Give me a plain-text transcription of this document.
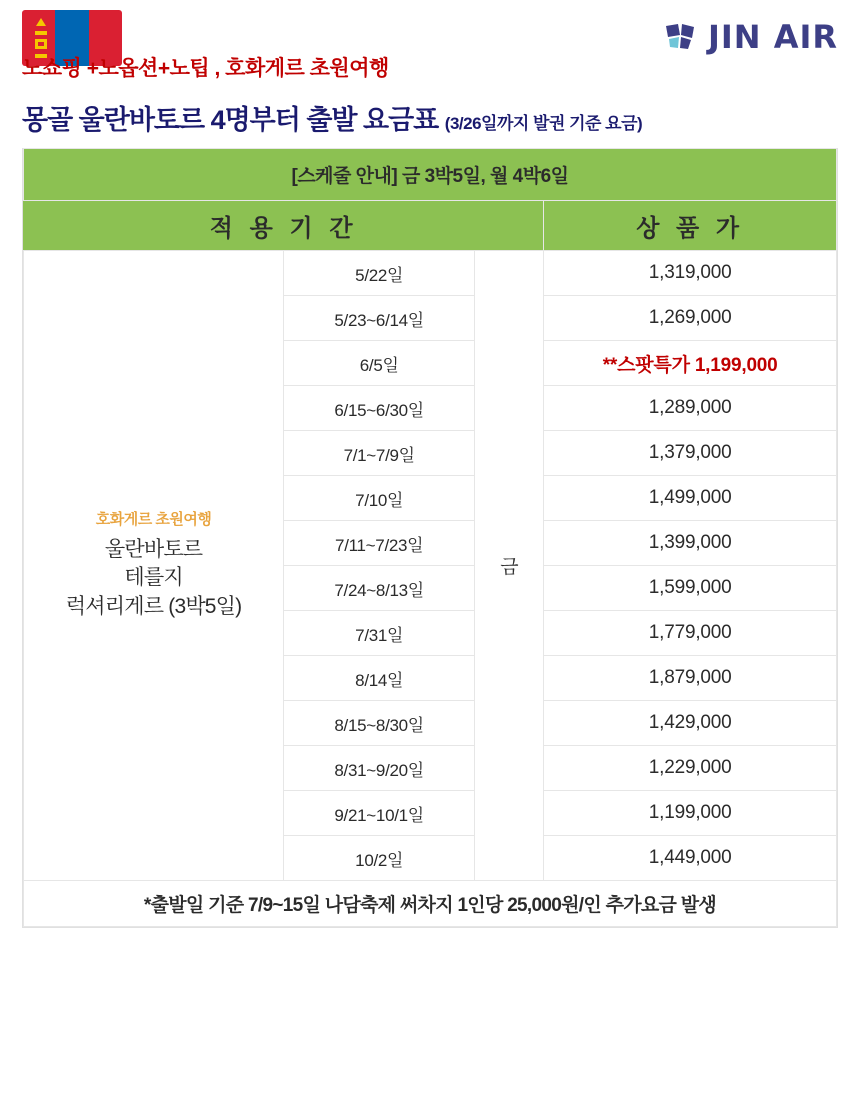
노쇼핑 +노옵션+노팁 , 호화게르 초원여행
몽골 울란바토르 4명부터 출발 요금표 (3/26일까지 발권 기준 요금)
JIN AIR
[스케줄 안내] 금 3박5일, 월 4박6일			
적 용 기 간			상 품 가

호화게르 초원여행
울란바토르
테를지
럭셔리게르 (3박5일)	5/22일	금	1,319,000
	5/23~6/14일		1,269,000
	6/5일		**스팟특가 1,199,000
	6/15~6/30일		1,289,000
	7/1~7/9일		1,379,000
	7/10일		1,499,000
	7/11~7/23일		1,399,000
	7/24~8/13일		1,599,000
	7/31일		1,779,000
	8/14일		1,879,000
	8/15~8/30일		1,429,000
	8/31~9/20일		1,229,000
	9/21~10/1일		1,199,000
	10/2일		1,449,000
*출발일 기준 7/9~15일 나담축제 써차지 1인당 25,000원/인 추가요금 발생			
